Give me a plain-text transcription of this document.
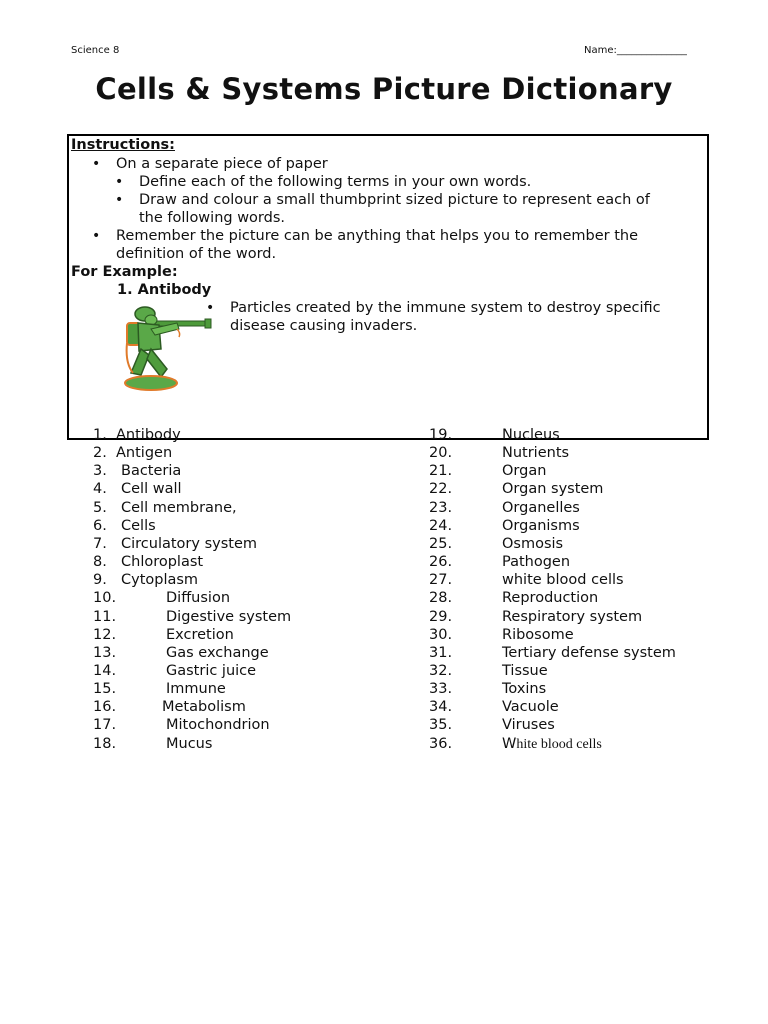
Science 8	Name:______________
Cells & Systems Picture Dictionary
Instructions:
• On a separate piece of paper
• Define each of the following terms in your own words.
• Draw and colour a small thumbprint sized picture to represent each of
the following words.
• Remember the picture can be anything that helps you to remember the
definition of the word.
For Example:
1. Antibody
• Particles created by the immune system to destroy specific
disease causing invaders.
1. Antibody
2. Antigen
3. Bacteria
4. Cell wall
5. Cell membrane,
6. Cells
7. Circulatory system
8. Chloroplast
9. Cytoplasm
10.	Diffusion
11.	Digestive system
12.	Excretion
13.	Gas exchange
14.	Gastric juice
15.	Immune
16.	Metabolism
17.	Mitochondrion
18.	Mucus
19.	Nucleus
20.	Nutrients
21.	Organ
22.	Organ system
23.	Organelles
24.	Organisms
25.	Osmosis
26.	Pathogen
27.	white blood cells
28.	Reproduction
29.	Respiratory system
30.	Ribosome
31.	Tertiary defense system
32.	Tissue
33.	Toxins
34.	Vacuole
35.	Viruses
36.	White blood cells
